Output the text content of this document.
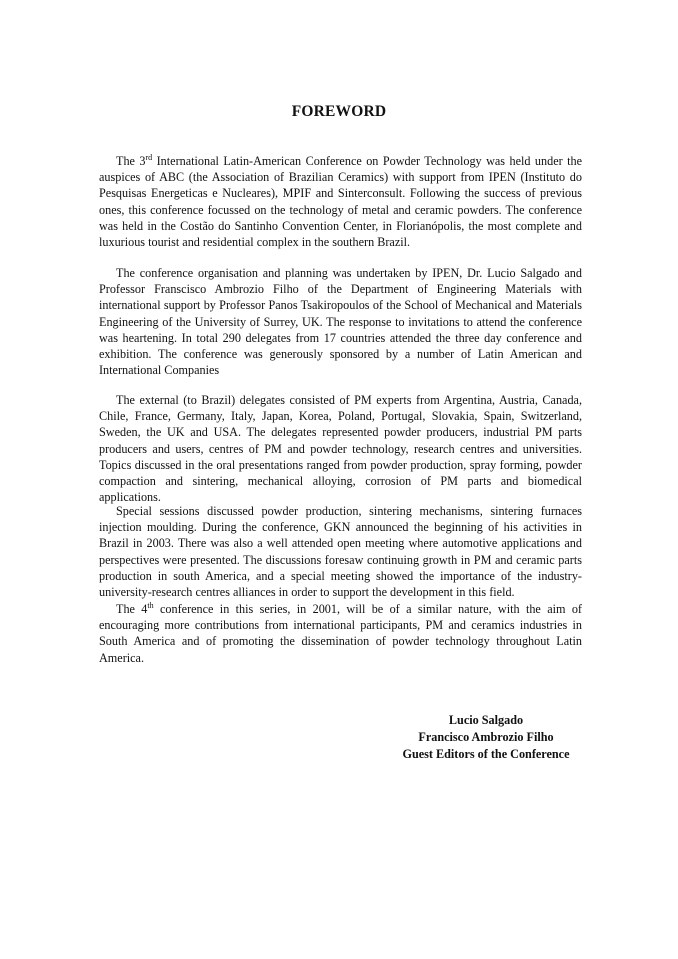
FOREWORD
The 3rd International Latin-American Conference on Powder Technology was held under the auspices of ABC (the Association of Brazilian Ceramics) with support from IPEN (Instituto do Pesquisas Energeticas e Nucleares), MPIF and Sinterconsult. Following the success of previous ones, this conference focussed on the technology of metal and ceramic powders. The conference was held in the Costão do Santinho Convention Center, in Florianópolis, the most complete and luxurious tourist and residential complex in the southern Brazil.
The conference organisation and planning was undertaken by IPEN, Dr. Lucio Salgado and Professor Franscisco Ambrozio Filho of the Department of Engineering Materials with international support by Professor Panos Tsakiropoulos of the School of Mechanical and Materials Engineering of the University of Surrey, UK. The response to invitations to attend the conference was heartening. In total 290 delegates from 17 countries attended the three day conference and exhibition. The conference was generously sponsored by a number of Latin American and International Companies
The external (to Brazil) delegates consisted of PM experts from Argentina, Austria, Canada, Chile, France, Germany, Italy, Japan, Korea, Poland, Portugal, Slovakia, Spain, Switzerland, Sweden, the UK and USA. The delegates represented powder producers, industrial PM parts producers and users, centres of PM and powder technology, research centres and universities. Topics discussed in the oral presentations ranged from powder production, spray forming, powder compaction and sintering, mechanical alloying, corrosion of PM parts and biomedical applications.
Special sessions discussed powder production, sintering mechanisms, sintering furnaces injection moulding. During the conference, GKN announced the beginning of his activities in Brazil in 2003. There was also a well attended open meeting where automotive applications and perspectives were presented. The discussions foresaw continuing growth in PM and ceramic parts production in south America, and a special meeting showed the importance of the industry-university-research centres alliances in order to support the development in this field.
The 4th conference in this series, in 2001, will be of a similar nature, with the aim of encouraging more contributions from international participants, PM and ceramics industries in South America and of promoting the dissemination of powder technology throughout Latin America.
Lucio Salgado
Francisco Ambrozio Filho
Guest Editors of the Conference
